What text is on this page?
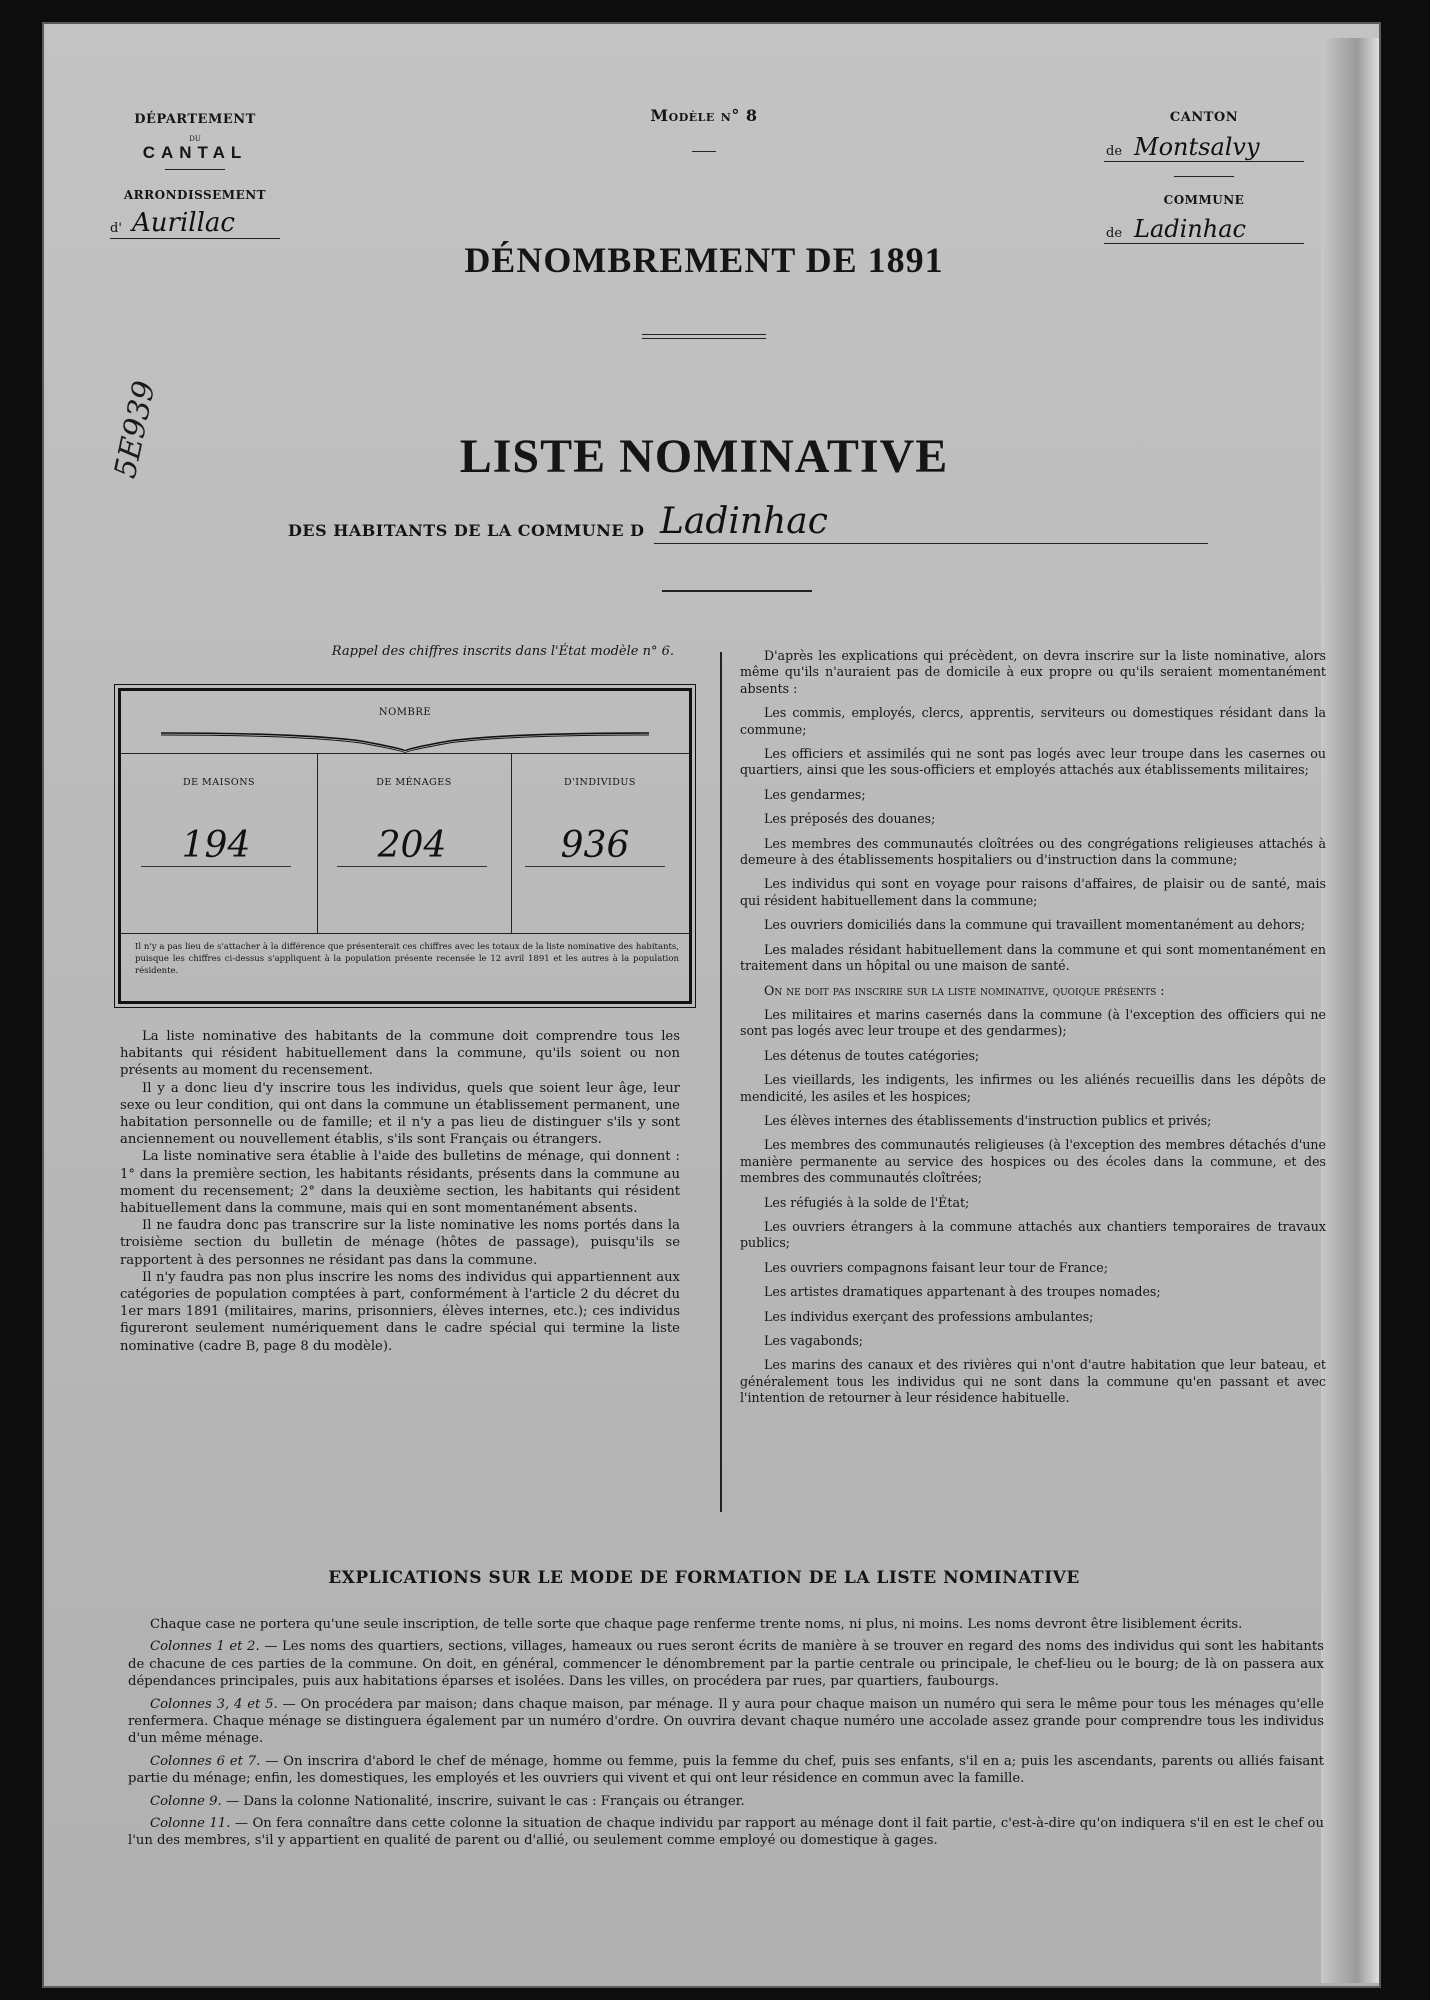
DÉPARTEMENT
DU
CANTAL
ARRONDISSEMENT
d' Aurillac
Modèle n° 8
DÉNOMBREMENT DE 1891
CANTON
de Montsalvy
COMMUNE
de Ladinhac
5E939	LISTE NOMINATIVE
DES HABITANTS DE LA COMMUNE D Ladinhac
Rappel des chiffres inscrits dans l'État modèle n° 6.
NOMBRE
DE MAISONS	DE MÉNAGES	D'INDIVIDUS
194	204	936
Il n'y a pas lieu de s'attacher à la différence que présenterait ces chiffres avec les totaux de la liste nominative des habitants, puisque les chiffres ci-dessus s'appliquent à la population présente recensée le 12 avril 1891 et les autres à la population résidente.

La liste nominative des habitants de la commune doit comprendre tous les habitants qui résident habituellement dans la commune, qu'ils soient ou non présents au moment du recensement.

Il y a donc lieu d'y inscrire tous les individus, quels que soient leur âge, leur sexe ou leur condition, qui ont dans la commune un établissement permanent, une habitation personnelle ou de famille; et il n'y a pas lieu de distinguer s'ils y sont anciennement ou nouvellement établis, s'ils sont Français ou étrangers.

La liste nominative sera établie à l'aide des bulletins de ménage, qui donnent : 1° dans la première section, les habitants résidants, présents dans la commune au moment du recensement; 2° dans la deuxième section, les habitants qui résident habituellement dans la commune, mais qui en sont momentanément absents.

Il ne faudra donc pas transcrire sur la liste nominative les noms portés dans la troisième section du bulletin de ménage (hôtes de passage), puisqu'ils se rapportent à des personnes ne résidant pas dans la commune.

Il n'y faudra pas non plus inscrire les noms des individus qui appartiennent aux catégories de population comptées à part, conformément à l'article 2 du décret du 1er mars 1891 (militaires, marins, prisonniers, élèves internes, etc.); ces individus figureront seulement numériquement dans le cadre spécial qui termine la liste nominative (cadre B, page 8 du modèle).

D'après les explications qui précèdent, on devra inscrire sur la liste nominative, alors même qu'ils n'auraient pas de domicile à eux propre ou qu'ils seraient momentanément absents :

Les commis, employés, clercs, apprentis, serviteurs ou domestiques résidant dans la commune;

Les officiers et assimilés qui ne sont pas logés avec leur troupe dans les casernes ou quartiers, ainsi que les sous-officiers et employés attachés aux établissements militaires;

Les gendarmes;

Les préposés des douanes;

Les membres des communautés cloîtrées ou des congrégations religieuses attachés à demeure à des établissements hospitaliers ou d'instruction dans la commune;

Les individus qui sont en voyage pour raisons d'affaires, de plaisir ou de santé, mais qui résident habituellement dans la commune;

Les ouvriers domiciliés dans la commune qui travaillent momentanément au dehors;

Les malades résidant habituellement dans la commune et qui sont momentanément en traitement dans un hôpital ou une maison de santé.

On ne doit pas inscrire sur la liste nominative, quoique présents :

Les militaires et marins casernés dans la commune (à l'exception des officiers qui ne sont pas logés avec leur troupe et des gendarmes);

Les détenus de toutes catégories;

Les vieillards, les indigents, les infirmes ou les aliénés recueillis dans les dépôts de mendicité, les asiles et les hospices;

Les élèves internes des établissements d'instruction publics et privés;

Les membres des communautés religieuses (à l'exception des membres détachés d'une manière permanente au service des hospices ou des écoles dans la commune, et des membres des communautés cloîtrées;

Les réfugiés à la solde de l'État;

Les ouvriers étrangers à la commune attachés aux chantiers temporaires de travaux publics;

Les ouvriers compagnons faisant leur tour de France;

Les artistes dramatiques appartenant à des troupes nomades;

Les individus exerçant des professions ambulantes;

Les vagabonds;

Les marins des canaux et des rivières qui n'ont d'autre habitation que leur bateau, et généralement tous les individus qui ne sont dans la commune qu'en passant et avec l'intention de retourner à leur résidence habituelle.

EXPLICATIONS SUR LE MODE DE FORMATION DE LA LISTE NOMINATIVE

Chaque case ne portera qu'une seule inscription, de telle sorte que chaque page renferme trente noms, ni plus, ni moins. Les noms devront être lisiblement écrits.

Colonnes 1 et 2. — Les noms des quartiers, sections, villages, hameaux ou rues seront écrits de manière à se trouver en regard des noms des individus qui sont les habitants de chacune de ces parties de la commune. On doit, en général, commencer le dénombrement par la partie centrale ou principale, le chef-lieu ou le bourg; de là on passera aux dépendances principales, puis aux habitations éparses et isolées. Dans les villes, on procédera par rues, par quartiers, faubourgs.

Colonnes 3, 4 et 5. — On procédera par maison; dans chaque maison, par ménage. Il y aura pour chaque maison un numéro qui sera le même pour tous les ménages qu'elle renfermera. Chaque ménage se distinguera également par un numéro d'ordre. On ouvrira devant chaque numéro une accolade assez grande pour comprendre tous les individus d'un même ménage.

Colonnes 6 et 7. — On inscrira d'abord le chef de ménage, homme ou femme, puis la femme du chef, puis ses enfants, s'il en a; puis les ascendants, parents ou alliés faisant partie du ménage; enfin, les domestiques, les employés et les ouvriers qui vivent et qui ont leur résidence en commun avec la famille.

Colonne 9. — Dans la colonne Nationalité, inscrire, suivant le cas : Français ou étranger.

Colonne 11. — On fera connaître dans cette colonne la situation de chaque individu par rapport au ménage dont il fait partie, c'est-à-dire qu'on indiquera s'il en est le chef ou l'un des membres, s'il y appartient en qualité de parent ou d'allié, ou seulement comme employé ou domestique à gages.
